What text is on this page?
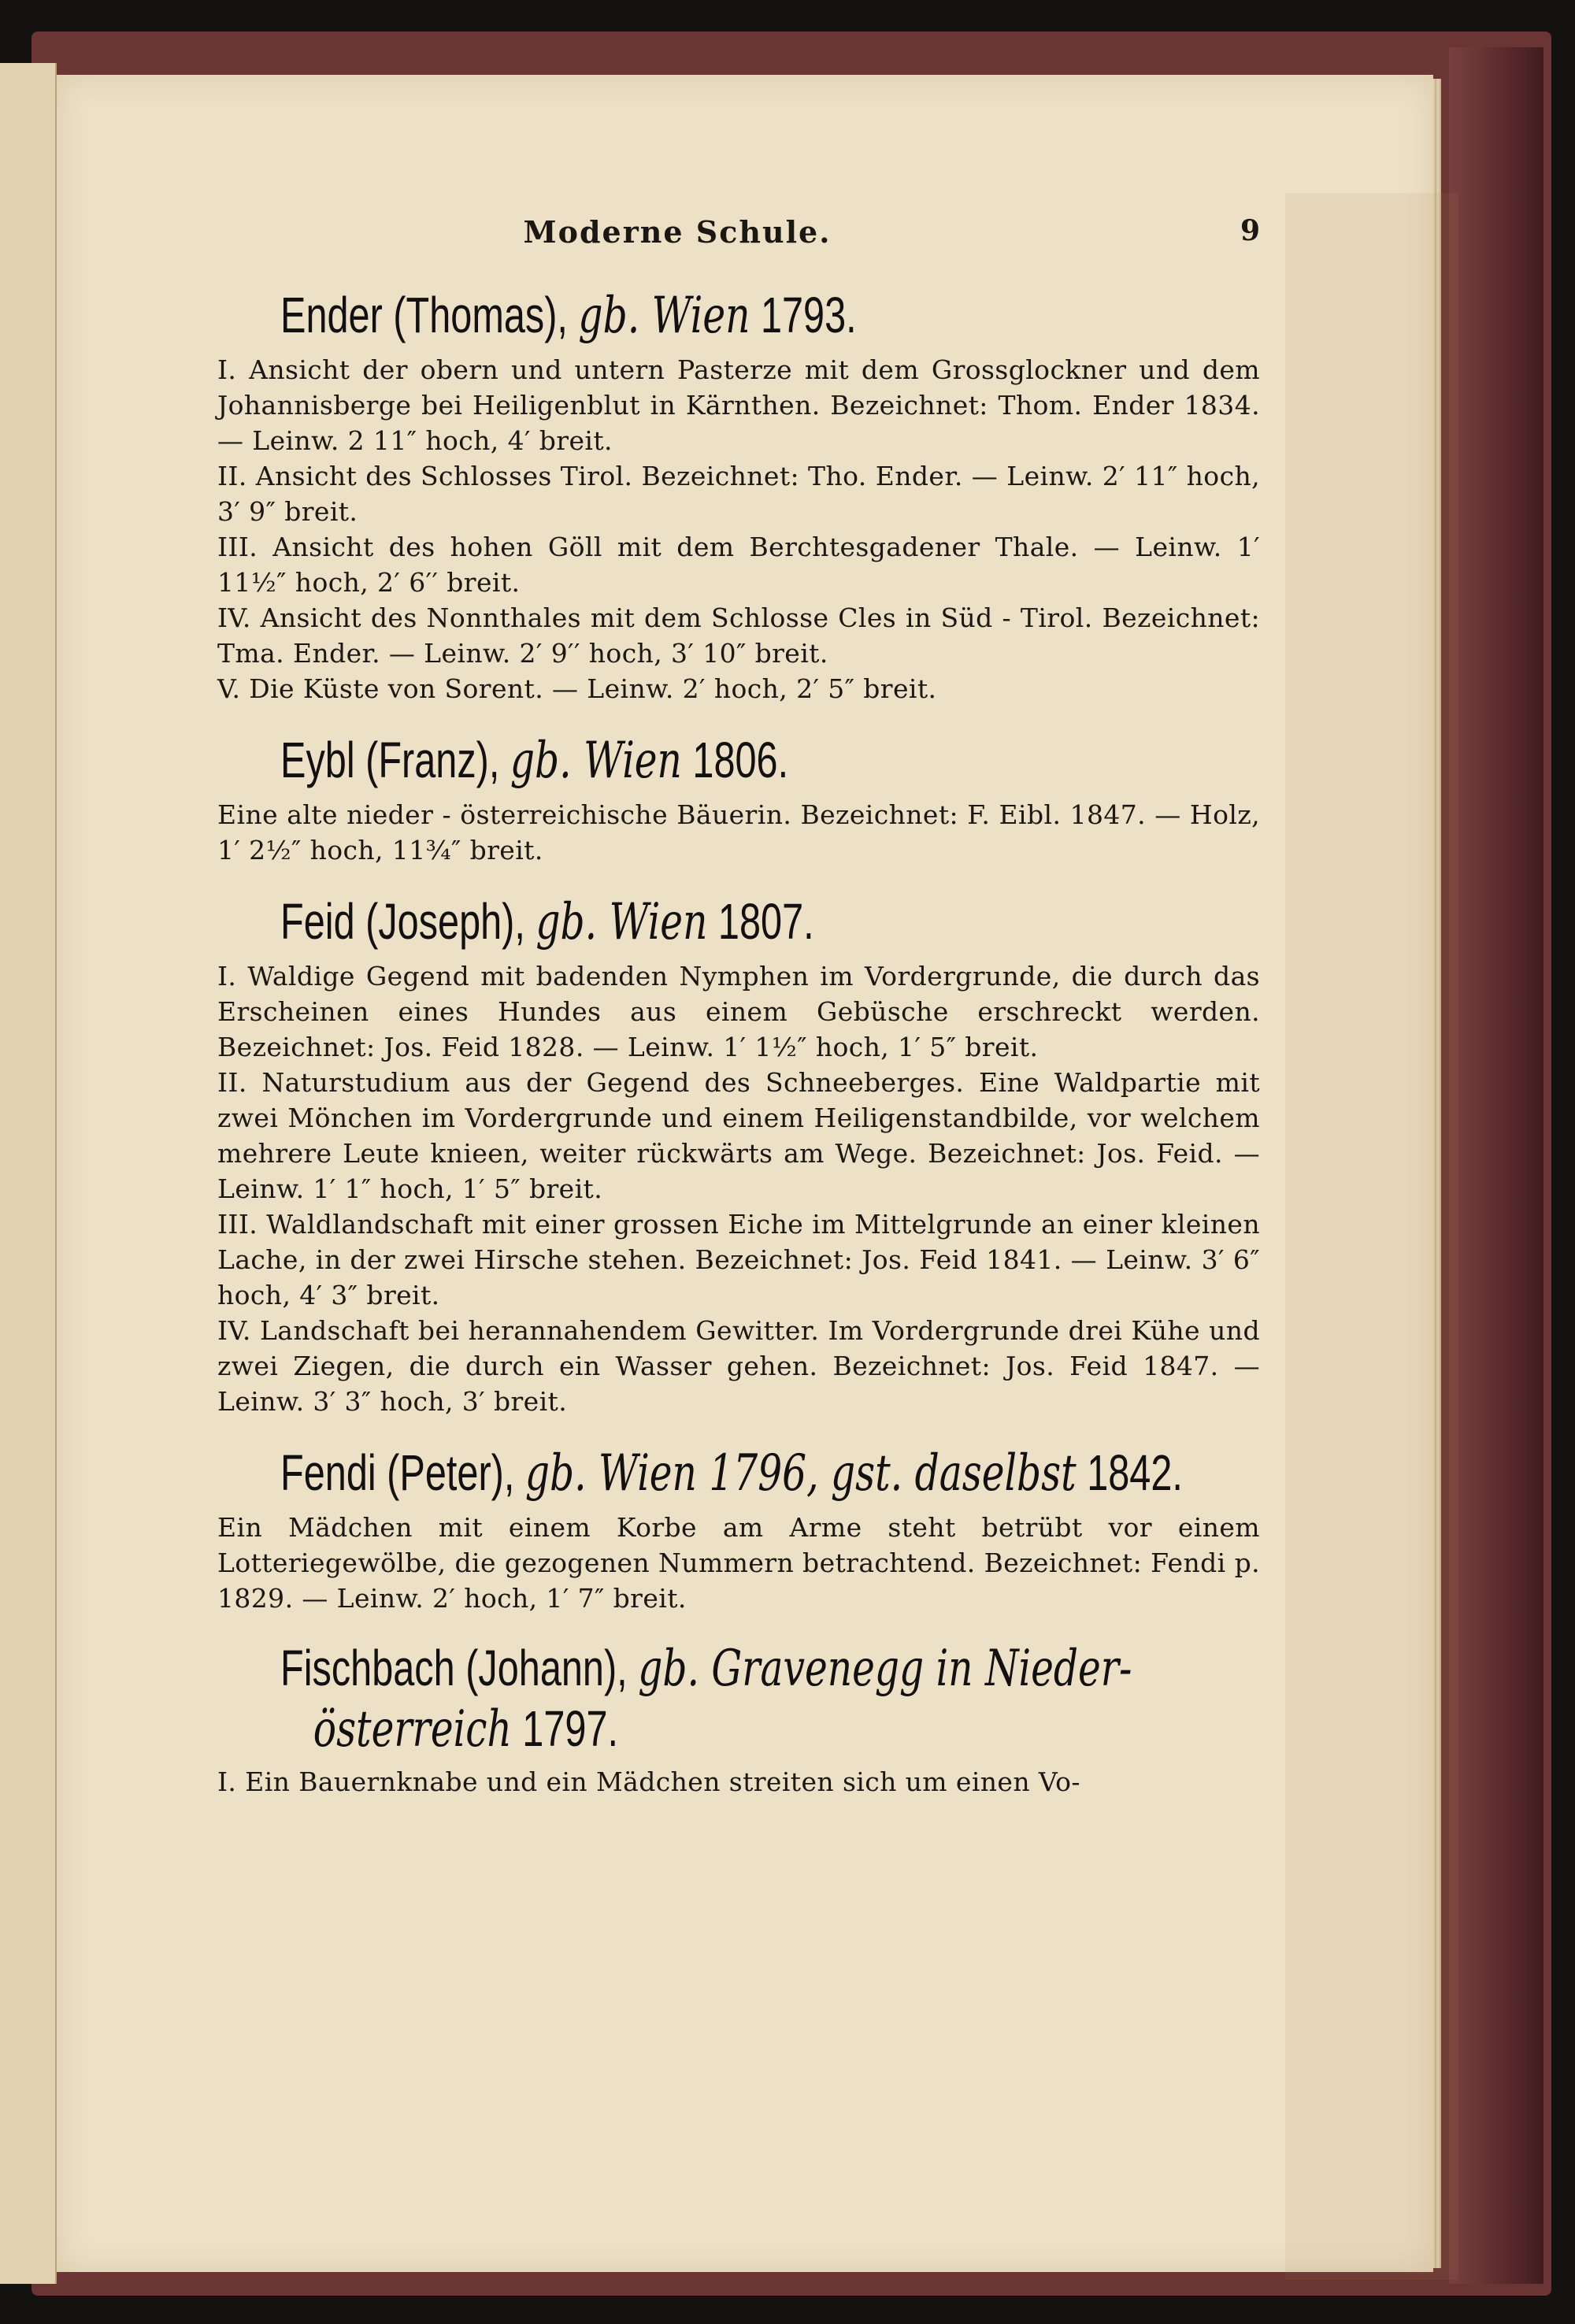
Moderne Schule.	9
Ender (Thomas), gb. Wien 1793.

I. Ansicht der obern und untern Pasterze mit dem Grossglockner und dem Johannisberge bei Heiligenblut in Kärnthen. Bezeichnet: Thom. Ender 1834. — Leinw. 2 11″ hoch, 4′ breit.

II. Ansicht des Schlosses Tirol. Bezeichnet: Tho. Ender. — Leinw. 2′ 11″ hoch, 3′ 9″ breit.

III. Ansicht des hohen Göll mit dem Berchtesgadener Thale. — Leinw. 1′ 11½″ hoch, 2′ 6′′ breit.

IV. Ansicht des Nonnthales mit dem Schlosse Cles in Süd - Tirol. Bezeichnet: Tma. Ender. — Leinw. 2′ 9′′ hoch, 3′ 10″ breit.

V. Die Küste von Sorent. — Leinw. 2′ hoch, 2′ 5″ breit.

Eybl (Franz), gb. Wien 1806.

Eine alte nieder - österreichische Bäuerin. Bezeichnet: F. Eibl. 1847. — Holz, 1′ 2½″ hoch, 11¾″ breit.

Feid (Joseph), gb. Wien 1807.

I. Waldige Gegend mit badenden Nymphen im Vordergrunde, die durch das Erscheinen eines Hundes aus einem Gebüsche erschreckt werden. Bezeichnet: Jos. Feid 1828. — Leinw. 1′ 1½″ hoch, 1′ 5″ breit.

II. Naturstudium aus der Gegend des Schneeberges. Eine Waldpartie mit zwei Mönchen im Vordergrunde und einem Heiligenstandbilde, vor welchem mehrere Leute knieen, weiter rückwärts am Wege. Bezeichnet: Jos. Feid. — Leinw. 1′ 1″ hoch, 1′ 5″ breit.

III. Waldlandschaft mit einer grossen Eiche im Mittelgrunde an einer kleinen Lache, in der zwei Hirsche stehen. Bezeichnet: Jos. Feid 1841. — Leinw. 3′ 6″ hoch, 4′ 3″ breit.

IV. Landschaft bei herannahendem Gewitter. Im Vordergrunde drei Kühe und zwei Ziegen, die durch ein Wasser gehen. Bezeichnet: Jos. Feid 1847. — Leinw. 3′ 3″ hoch, 3′ breit.

Fendi (Peter), gb. Wien 1796, gst. daselbst 1842.

Ein Mädchen mit einem Korbe am Arme steht betrübt vor einem Lotteriegewölbe, die gezogenen Nummern betrachtend. Bezeichnet: Fendi p. 1829. — Leinw. 2′ hoch, 1′ 7″ breit.

Fischbach (Johann), gb. Gravenegg in Nieder-
österreich 1797.

I. Ein Bauernknabe und ein Mädchen streiten sich um einen Vo-
